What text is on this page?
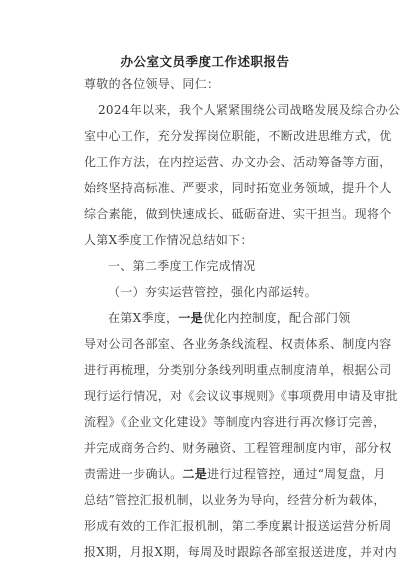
办公室文员季度工作述职报告
尊敬的各位领导、同仁：
2024年以来，我个人紧紧围绕公司战略发展及综合办公
室中心工作，充分发挥岗位职能，不断改进思维方式，优
化工作方法，在内控运营、办文办会、活动筹备等方面，
始终坚持高标准、严要求，同时拓宽业务领域，提升个人
综合素能，做到快速成长、砥砺奋进、实干担当。现将个
人第X季度工作情况总结如下：
一、第二季度工作完成情况
（一）夯实运营管控，强化内部运转。
在第X季度，一是优化内控制度，配合部门领
导对公司各部室、各业务条线流程、权责体系、制度内容
进行再梳理，分类别分条线列明重点制度清单，根据公司
现行运行情况，对《会议议事规则》《事项费用申请及审批
流程》《企业文化建设》等制度内容进行再次修订完善，
并完成商务合约、财务融资、工程管理制度内审，部分权
责需进一步确认。二是进行过程管控，通过“周复盘，月
总结”管控汇报机制，以业务为导向，经营分析为载体，
形成有效的工作汇报机制，第二季度累计报送运营分析周
报X期，月报X期，每周及时跟踪各部室报送进度，并对内
